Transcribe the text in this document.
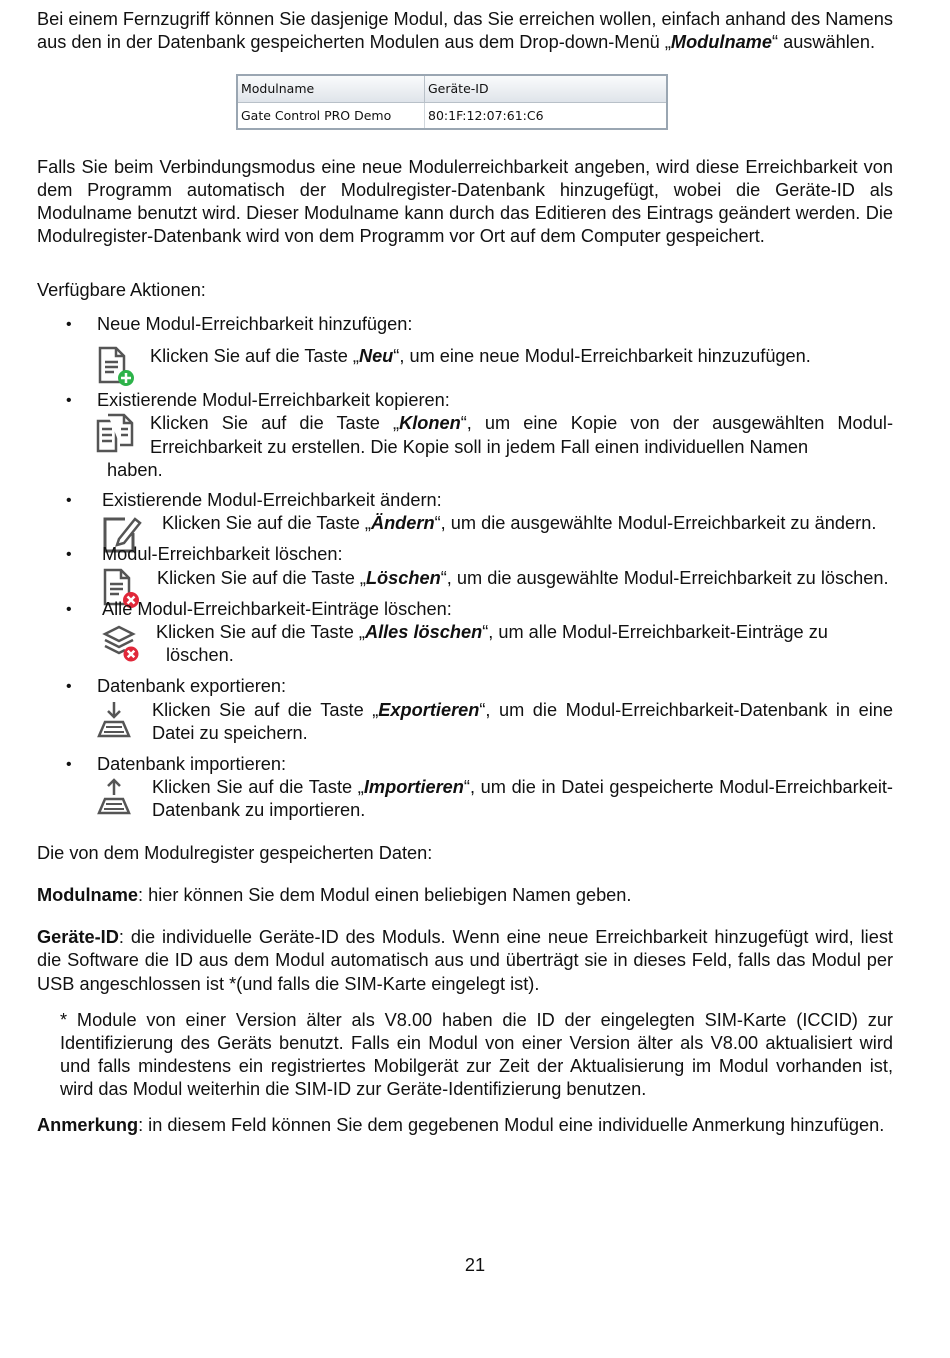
Bei einem Fernzugriff können Sie dasjenige Modul, das Sie erreichen wollen, einfach anhand des Namens aus den in der Datenbank gespeicherten Modulen aus dem Drop-down-Menü „Modulname“ auswählen.

Modulname	Geräte-ID
Gate Control PRO Demo	80:1F:12:07:61:C6

Falls Sie beim Verbindungsmodus eine neue Modulerreichbarkeit angeben, wird diese Erreichbarkeit von dem Programm automatisch der Modulregister-Datenbank hinzugefügt, wobei die Geräte-ID als Modulname benutzt wird. Dieser Modulname kann durch das Editieren des Eintrags geändert werden. Die Modulregister-Datenbank wird von dem Programm vor Ort auf dem Computer gespeichert.

Verfügbare Aktionen:

•	Neue Modul-Erreichbarkeit hinzufügen:

Klicken Sie auf die Taste „Neu“, um eine neue Modul-Erreichbarkeit hinzuzufügen.

•	Existierende Modul-Erreichbarkeit kopieren:

Klicken Sie auf die Taste „Klonen“, um eine Kopie von der ausgewählten Modul-Erreichbarkeit zu erstellen. Die Kopie soll in jedem Fall einen individuellen Namen

haben.
•	Existierende Modul-Erreichbarkeit ändern:

Klicken Sie auf die Taste „Ändern“, um die ausgewählte Modul-Erreichbarkeit zu ändern.

•	Modul-Erreichbarkeit löschen:

Klicken Sie auf die Taste „Löschen“, um die ausgewählte Modul-Erreichbarkeit zu löschen.

•	Alle Modul-Erreichbarkeit-Einträge löschen:

Klicken Sie auf die Taste „Alles löschen“, um alle Modul-Erreichbarkeit-Einträge zu

löschen.
•	Datenbank exportieren:

Klicken Sie auf die Taste „Exportieren“, um die Modul-Erreichbarkeit-Datenbank in eine Datei zu speichern.

•	Datenbank importieren:

Klicken Sie auf die Taste „Importieren“, um die in Datei gespeicherte Modul-Erreichbarkeit-Datenbank zu importieren.

Die von dem Modulregister gespeicherten Daten:

Modulname: hier können Sie dem Modul einen beliebigen Namen geben.

Geräte-ID: die individuelle Geräte-ID des Moduls. Wenn eine neue Erreichbarkeit hinzugefügt wird, liest die Software die ID aus dem Modul automatisch aus und überträgt sie in dieses Feld, falls das Modul per USB angeschlossen ist *(und falls die SIM-Karte eingelegt ist).

* Module von einer Version älter als V8.00 haben die ID der eingelegten SIM-Karte (ICCID) zur Identifizierung des Geräts benutzt. Falls ein Modul von einer Version älter als V8.00 aktualisiert wird und falls mindestens ein registriertes Mobilgerät zur Zeit der Aktualisierung im Modul vorhanden ist, wird das Modul weiterhin die SIM-ID zur Geräte-Identifizierung benutzen.

Anmerkung: in diesem Feld können Sie dem gegebenen Modul eine individuelle Anmerkung hinzufügen.

21
